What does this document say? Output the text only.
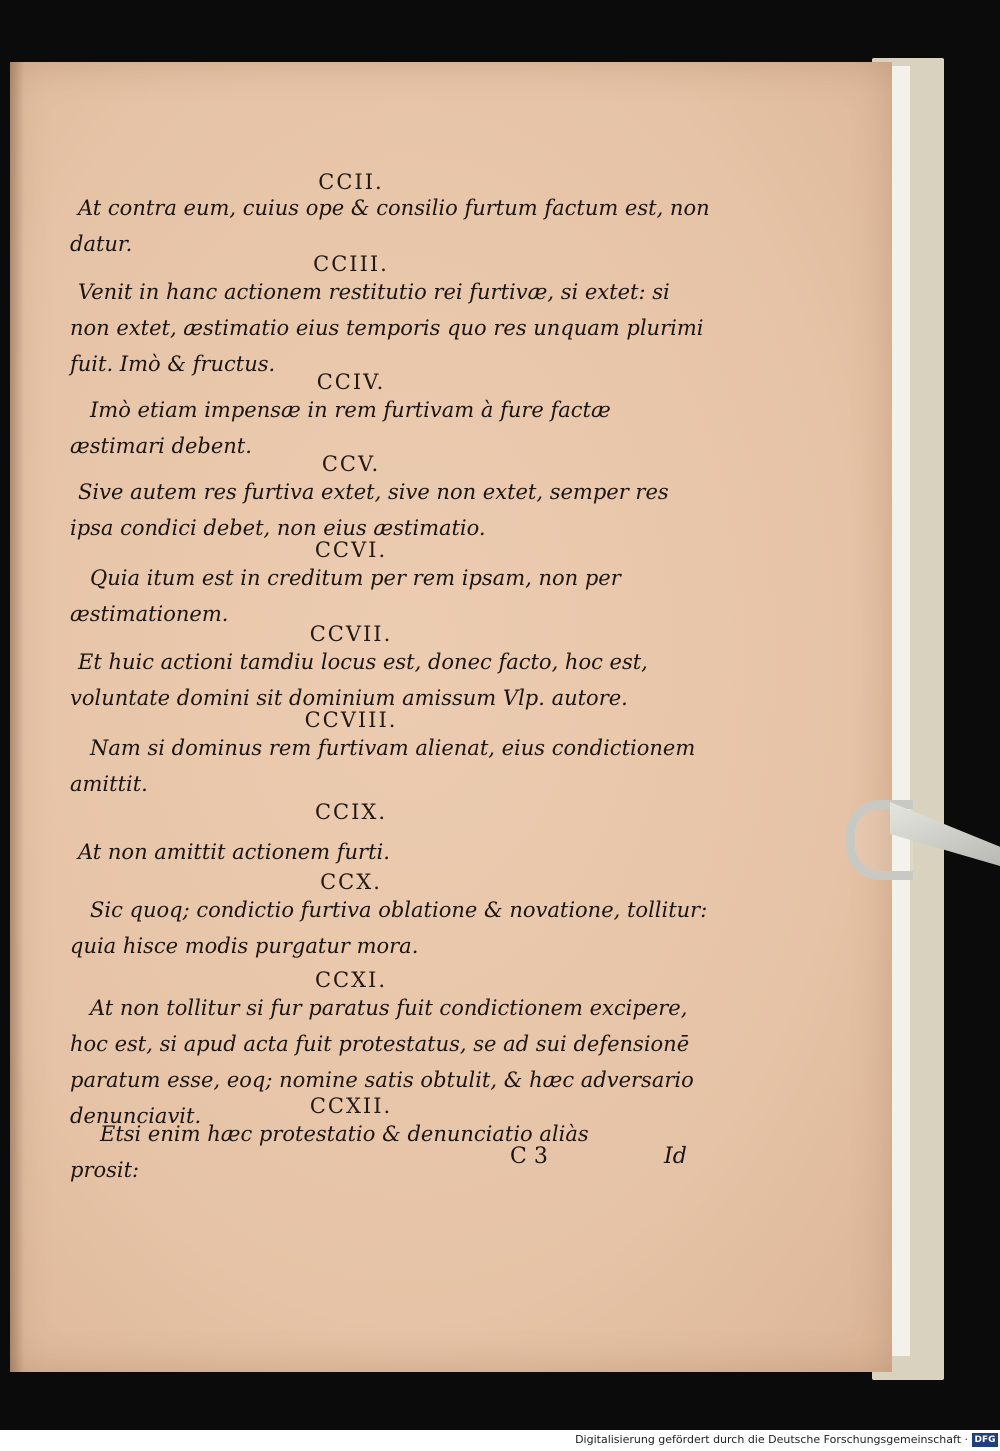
CCII.
At contra eum, cuius ope & consilio furtum factum est, non datur.
CCIII.
Venit in hanc actionem restitutio rei furtivæ, si extet: si non extet, æstimatio eius temporis quo res unquam plurimi fuit. Imò & fructus.
CCIV.
Imò etiam impensæ in rem furtivam à fure factæ æstimari debent.
CCV.
Sive autem res furtiva extet, sive non extet, semper res ipsa condici debet, non eius æstimatio.
CCVI.
Quia itum est in creditum per rem ipsam, non per æstimationem.
CCVII.
Et huic actioni tamdiu locus est, donec facto, hoc est, voluntate domini sit dominium amissum Vlp. autore.
CCVIII.
Nam si dominus rem furtivam alienat, eius condictionem amittit.
CCIX.
At non amittit actionem furti.
CCX.
Sic quoq; condictio furtiva oblatione & novatione, tollitur: quia hisce modis purgatur mora.
CCXI.
At non tollitur si fur paratus fuit condictionem excipere, hoc est, si apud acta fuit protestatus, se ad sui defensionē paratum esse, eoq; nomine satis obtulit, & hæc adversario denunciavit.	CCXII.
Etsi enim hæc protestatio & denunciatio aliàs prosit:
C 3	Id
Digitalisierung gefördert durch die Deutsche Forschungsgemeinschaft · DFG
